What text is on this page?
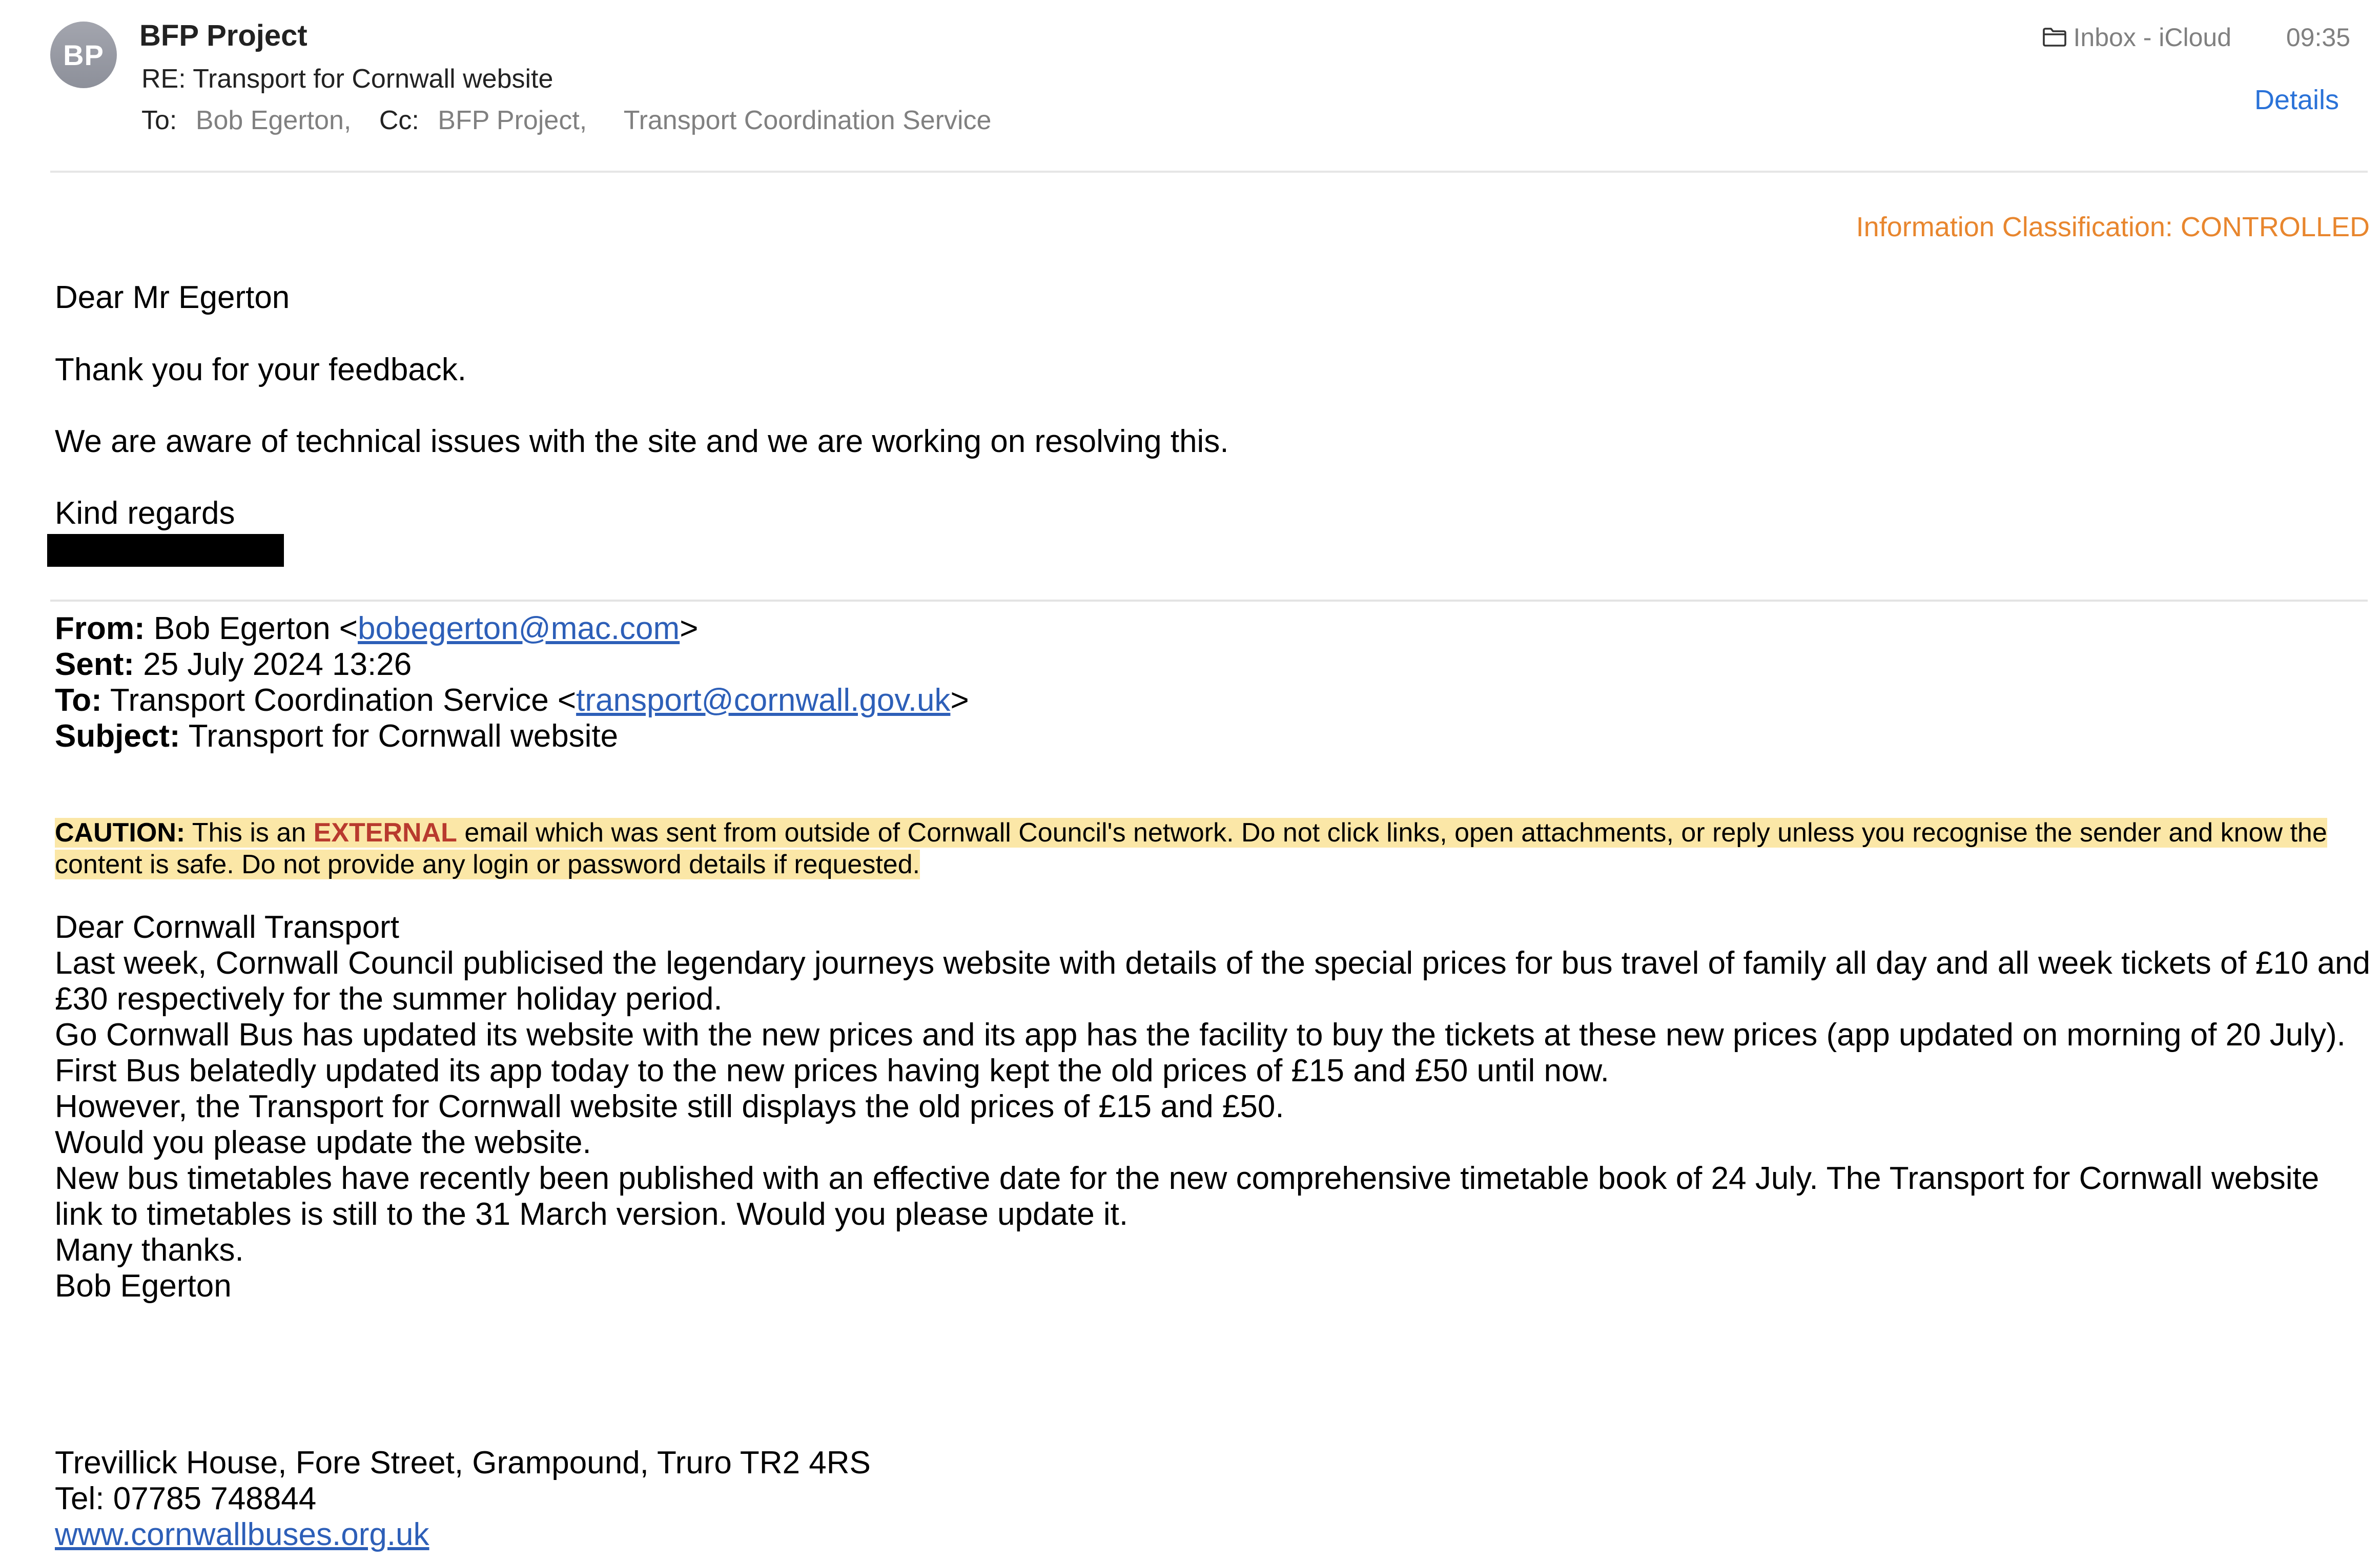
BP
BFP Project
RE: Transport for Cornwall website
To: Bob Egerton, Cc: BFP Project, Transport Coordination Service
Inbox - iCloud 09:35
Details
Information Classification: CONTROLLED
Dear Mr Egerton
Thank you for your feedback.
We are aware of technical issues with the site and we are working on resolving this.
Kind regards
From: Bob Egerton <bobegerton@mac.com>
Sent: 25 July 2024 13:26
To: Transport Coordination Service <transport@cornwall.gov.uk>
Subject: Transport for Cornwall website
CAUTION: This is an EXTERNAL email which was sent from outside of Cornwall Council's network. Do not click links, open attachments, or reply unless you recognise the sender and know the content is safe. Do not provide any login or password details if requested.

Dear Cornwall Transport

Last week, Cornwall Council publicised the legendary journeys website with details of the special prices for bus travel of family all day and all week tickets of £10 and £30 respectively for the summer holiday period.

Go Cornwall Bus has updated its website with the new prices and its app has the facility to buy the tickets at these new prices (app updated on morning of 20 July).

First Bus belatedly updated its app today to the new prices having kept the old prices of £15 and £50 until now.

However, the Transport for Cornwall website still displays the old prices of £15 and £50.

Would you please update the website.

New bus timetables have recently been published with an effective date for the new comprehensive timetable book of 24 July. The Transport for Cornwall website link to timetables is still to the 31 March version. Would you please update it.

Many thanks.

Bob Egerton

Trevillick House, Fore Street, Grampound, Truro TR2 4RS

Tel: 07785 748844

www.cornwallbuses.org.uk
